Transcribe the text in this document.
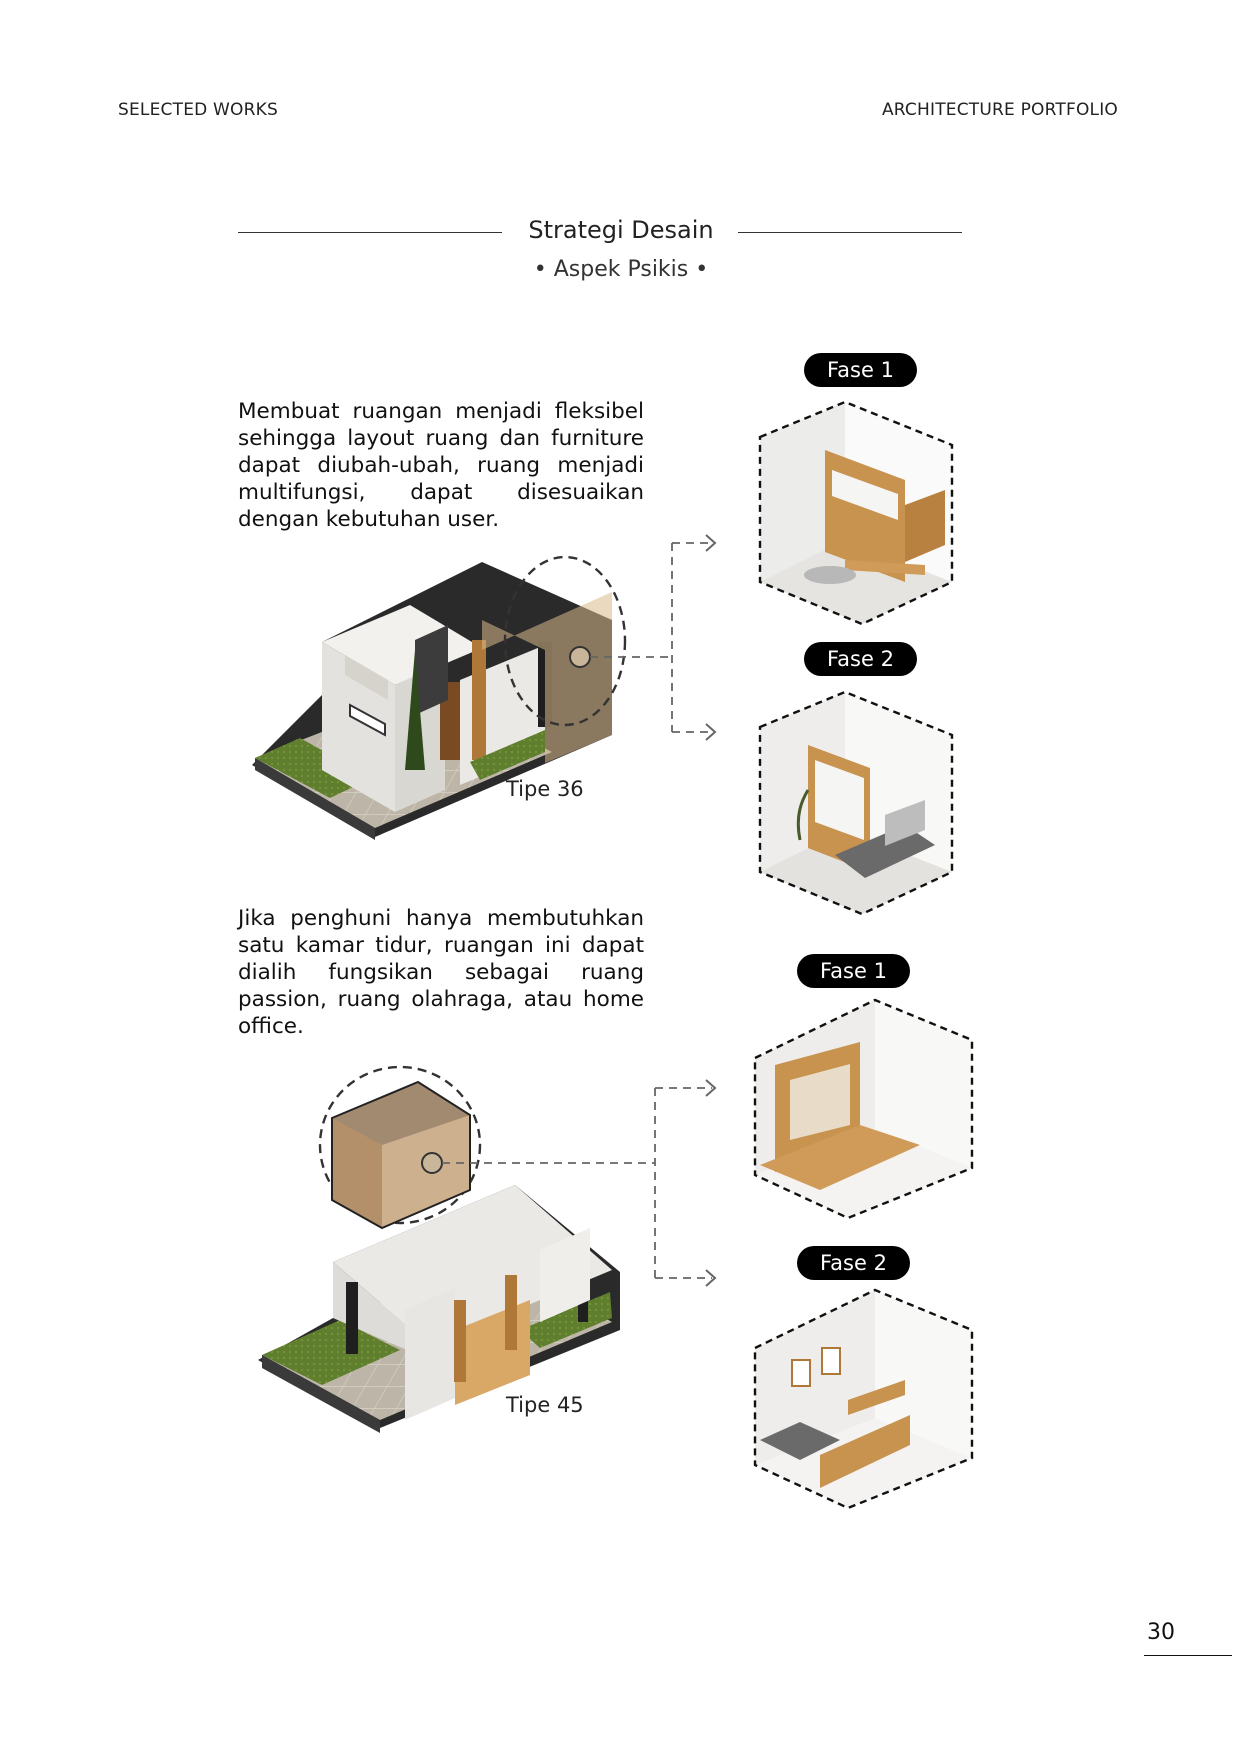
SELECTED WORKS	ARCHITECTURE PORTFOLIO
Strategi Desain
• Aspek Psikis •
Membuat ruangan menjadi fleksibel sehingga layout ruang dan furniture dapat diubah-ubah, ruang menjadi multifungsi, dapat disesuaikan dengan kebutuhan user.
Jika penghuni hanya membutuhkan satu kamar tidur, ruangan ini dapat dialih fungsikan sebagai ruang passion, ruang olahraga, atau home office.
Fase 1
Fase 2
Fase 1
Fase 2
Tipe 36
Tipe 45
30
